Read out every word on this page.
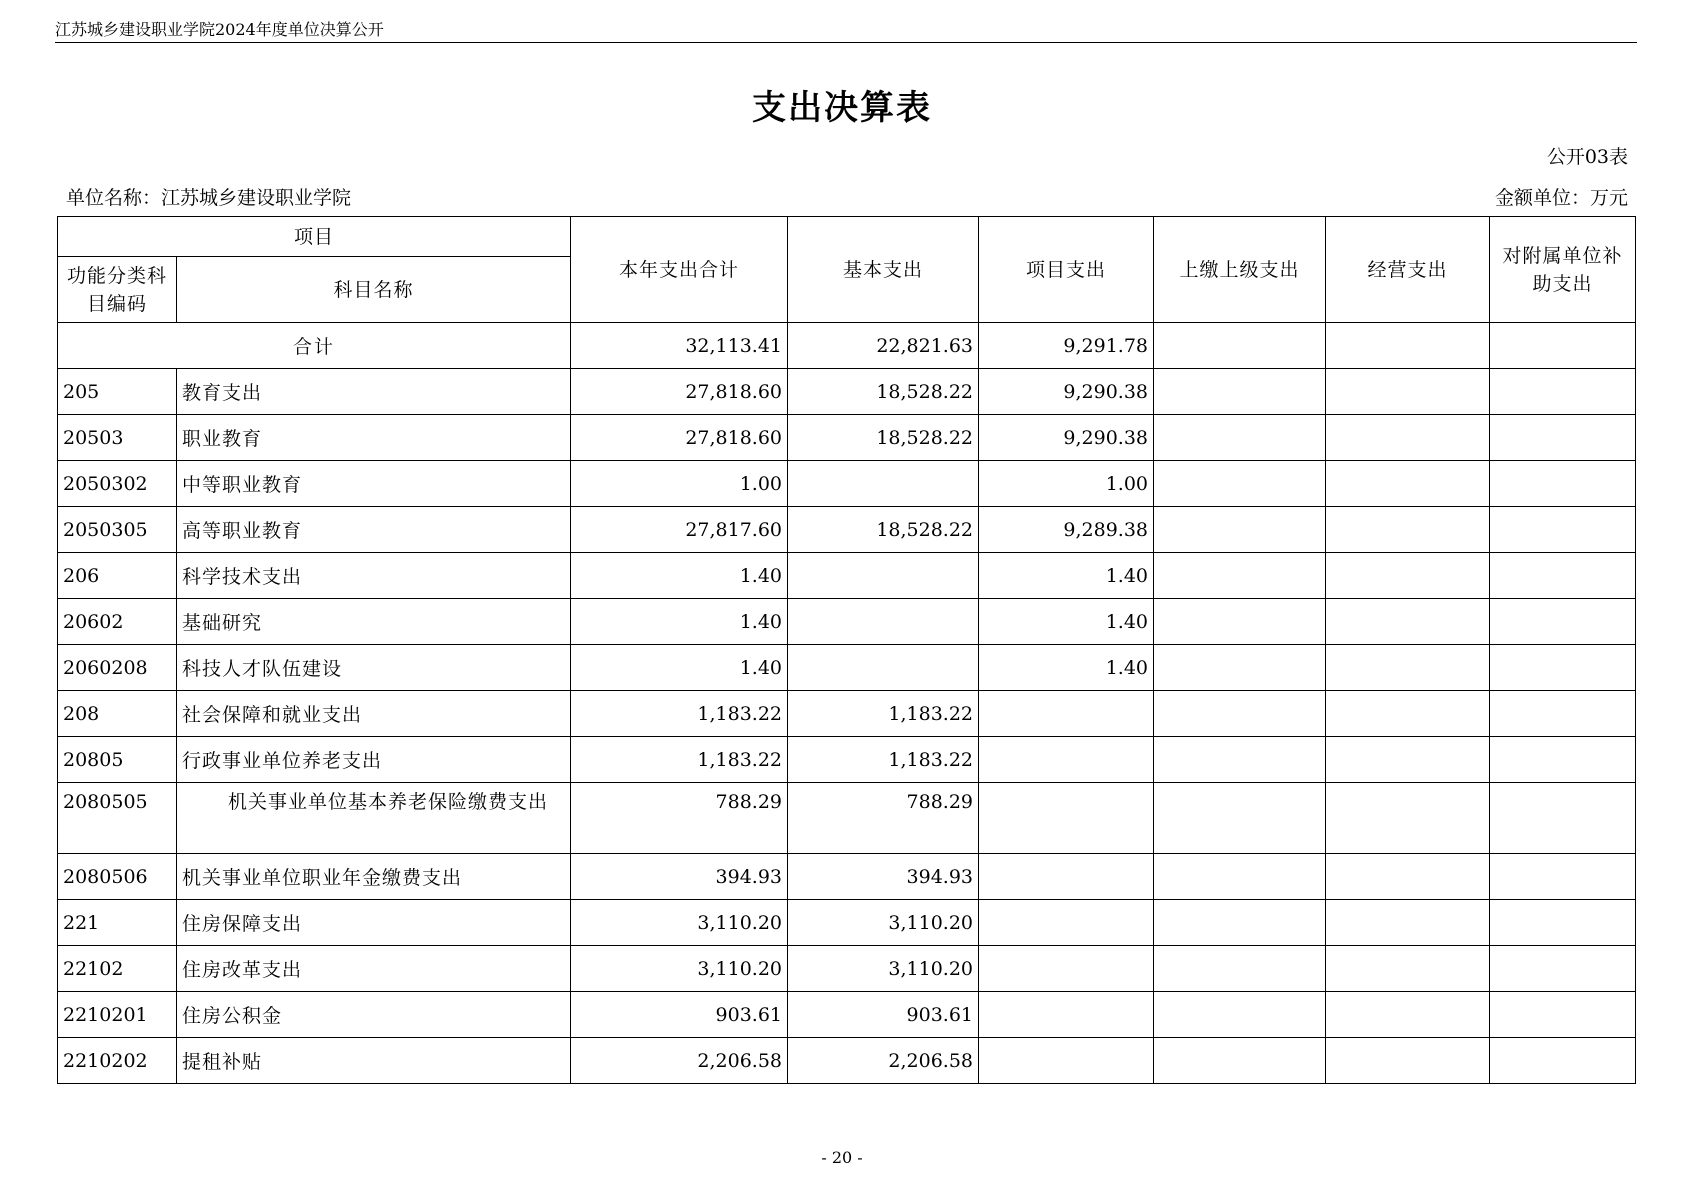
江苏城乡建设职业学院2024年度单位决算公开
支出决算表
公开03表
单位名称：江苏城乡建设职业学院	金额单位：万元
项目		本年支出合计	基本支出	项目支出	上缴上级支出	经营支出	对附属单位补助支出
功能分类科目编码	科目名称						
合计		32,113.41	22,821.63	9,291.78			
205	教育支出	27,818.60	18,528.22	9,290.38			
20503	职业教育	27,818.60	18,528.22	9,290.38			
2050302	中等职业教育	1.00		1.00			
2050305	高等职业教育	27,817.60	18,528.22	9,289.38			
206	科学技术支出	1.40		1.40			
20602	基础研究	1.40		1.40			
2060208	科技人才队伍建设	1.40		1.40			
208	社会保障和就业支出	1,183.22	1,183.22				
20805	行政事业单位养老支出	1,183.22	1,183.22				
2080505	机关事业单位基本养老保险缴费支出	788.29	788.29				
2080506	机关事业单位职业年金缴费支出	394.93	394.93				
221	住房保障支出	3,110.20	3,110.20				
22102	住房改革支出	3,110.20	3,110.20				
2210201	住房公积金	903.61	903.61				
2210202	提租补贴	2,206.58	2,206.58				
- 20 -
